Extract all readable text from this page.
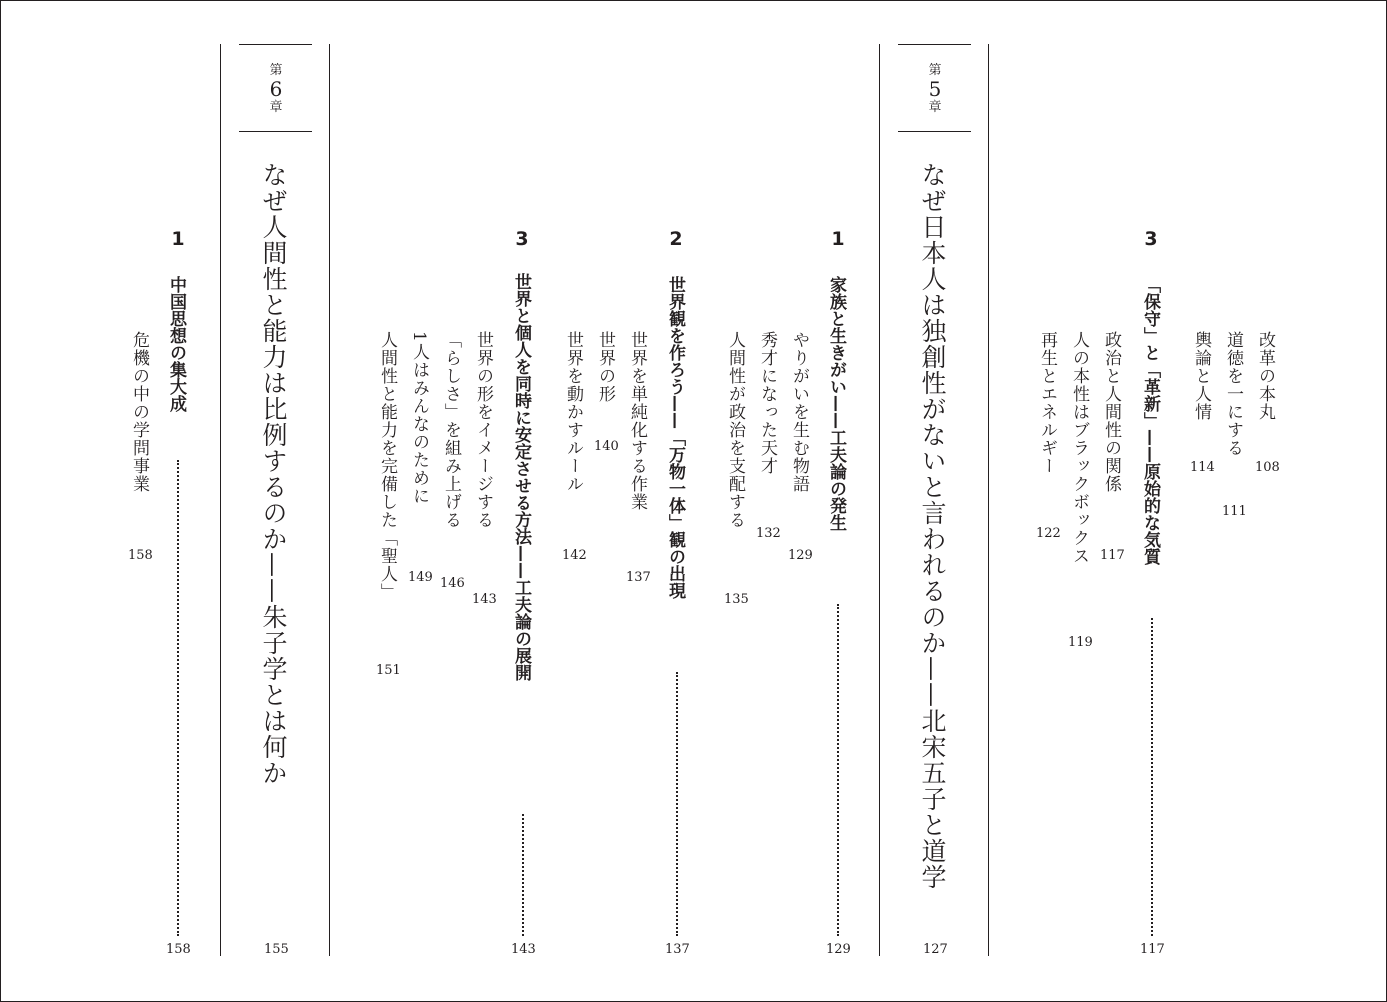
3
「保守」と「革新」——原始的な気質
117
改革の本丸
108
道徳を一にする
111
輿論と人情
114
政治と人間性の関係
117
人の本性はブラックボックス
119
再生とエネルギー
122
第
5
章
なぜ日本人は独創性がないと言われるのか——北宋五子と道学
127
1
家族と生きがい——工夫論の発生
129
やりがいを生む物語
129
秀才になった天才
132
人間性が政治を支配する
135
2
世界観を作ろう——「万物一体」観の出現
137
世界を単純化する作業
137
世界の形
140
世界を動かすルール
142
3
世界と個人を同時に安定させる方法——工夫論の展開
143
世界の形をイメージする
143
「らしさ」を組み上げる
146
1人はみんなのために
149
人間性と能力を完備した「聖人」
151
第
6
章
なぜ人間性と能力は比例するのか——朱子学とは何か
155
1
中国思想の集大成
158
危機の中の学問事業
158
